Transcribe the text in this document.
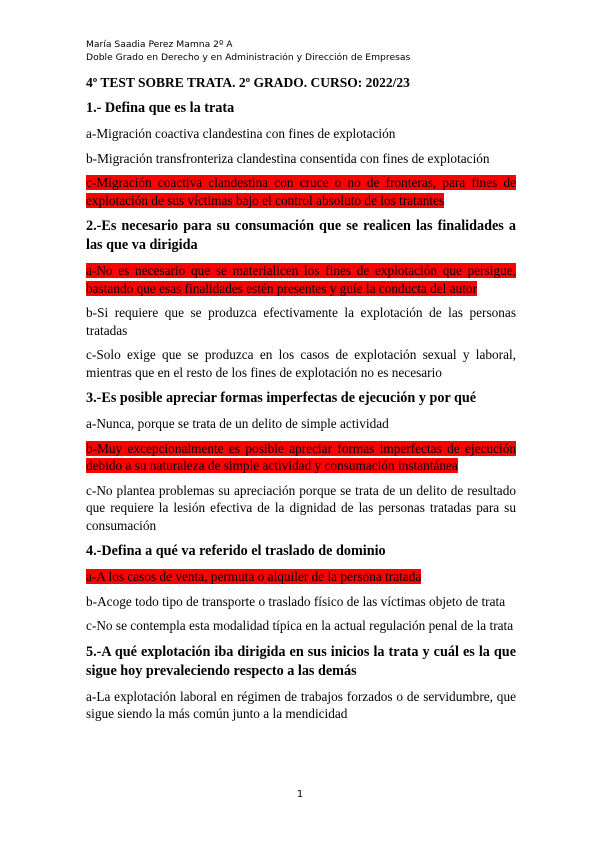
María Saadia Perez Mamna 2º A

Doble Grado en Derecho y en Administración y Dirección de Empresas

4º TEST SOBRE TRATA. 2º GRADO. CURSO: 2022/23

1.- Defina que es la trata

a-Migración coactiva clandestina con fines de explotación

b-Migración transfronteriza clandestina consentida con fines de explotación

c-Migración coactiva clandestina con cruce o no de fronteras, para fines de explotación de sus víctimas bajo el control absoluto de los tratantes

2.-Es necesario para su consumación que se realicen las finalidades a las que va dirigida

a-No es necesario que se materialicen los fines de explotación que persigue, bastando que esas finalidades estén presentes y guíe la conducta del autor

b-Si requiere que se produzca efectivamente la explotación de las personas tratadas

c-Solo exige que se produzca en los casos de explotación sexual y laboral, mientras que en el resto de los fines de explotación no es necesario

3.-Es posible apreciar formas imperfectas de ejecución y por qué

a-Nunca, porque se trata de un delito de simple actividad

b-Muy excepcionalmente es posible apreciar formas imperfectas de ejecución debido a su naturaleza de simple actividad y consumación instantánea

c-No plantea problemas su apreciación porque se trata de un delito de resultado que requiere la lesión efectiva de la dignidad de las personas tratadas para su consumación

4.-Defina a qué va referido el traslado de dominio

a-A los casos de venta, permuta o alquiler de la persona tratada

b-Acoge todo tipo de transporte o traslado físico de las víctimas objeto de trata

c-No se contempla esta modalidad típica en la actual regulación penal de la trata

5.-A qué explotación iba dirigida en sus inicios la trata y cuál es la que sigue hoy prevaleciendo respecto a las demás

a-La explotación laboral en régimen de trabajos forzados o de servidumbre, que sigue siendo la más común junto a la mendicidad

1
